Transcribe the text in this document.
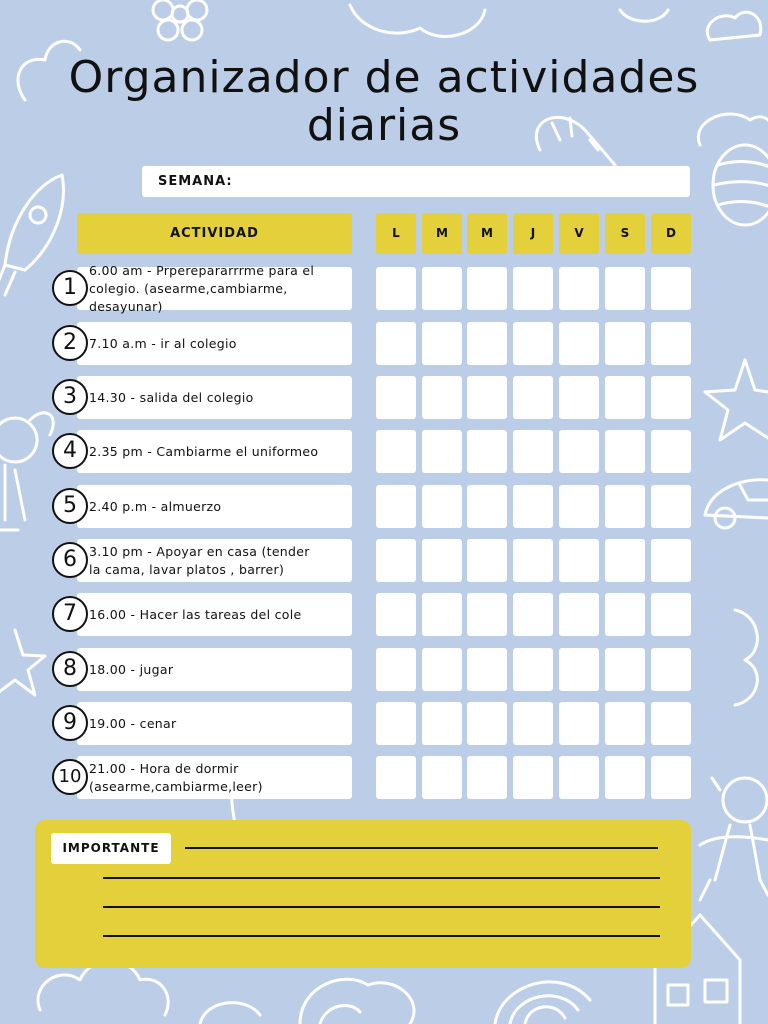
Organizador de actividades
diarias
SEMANA:
ACTIVIDAD	L	M	M	J	V	S	D
1
6.00 am - Prperepararrrme para el
colegio. (asearme,cambiarme,
desayunar)
2 7.10 a.m - ir al colegio
3 14.30 - salida del colegio
4 2.35 pm - Cambiarme el uniformeo
5 2.40 p.m - almuerzo
6 3.10 pm - Apoyar en casa (tender
la cama, lavar platos , barrer)
7 16.00 - Hacer las tareas del cole
8 18.00 - jugar
9 19.00 - cenar
10 21.00 - Hora de dormir
(asearme,cambiarme,leer)
IMPORTANTE
